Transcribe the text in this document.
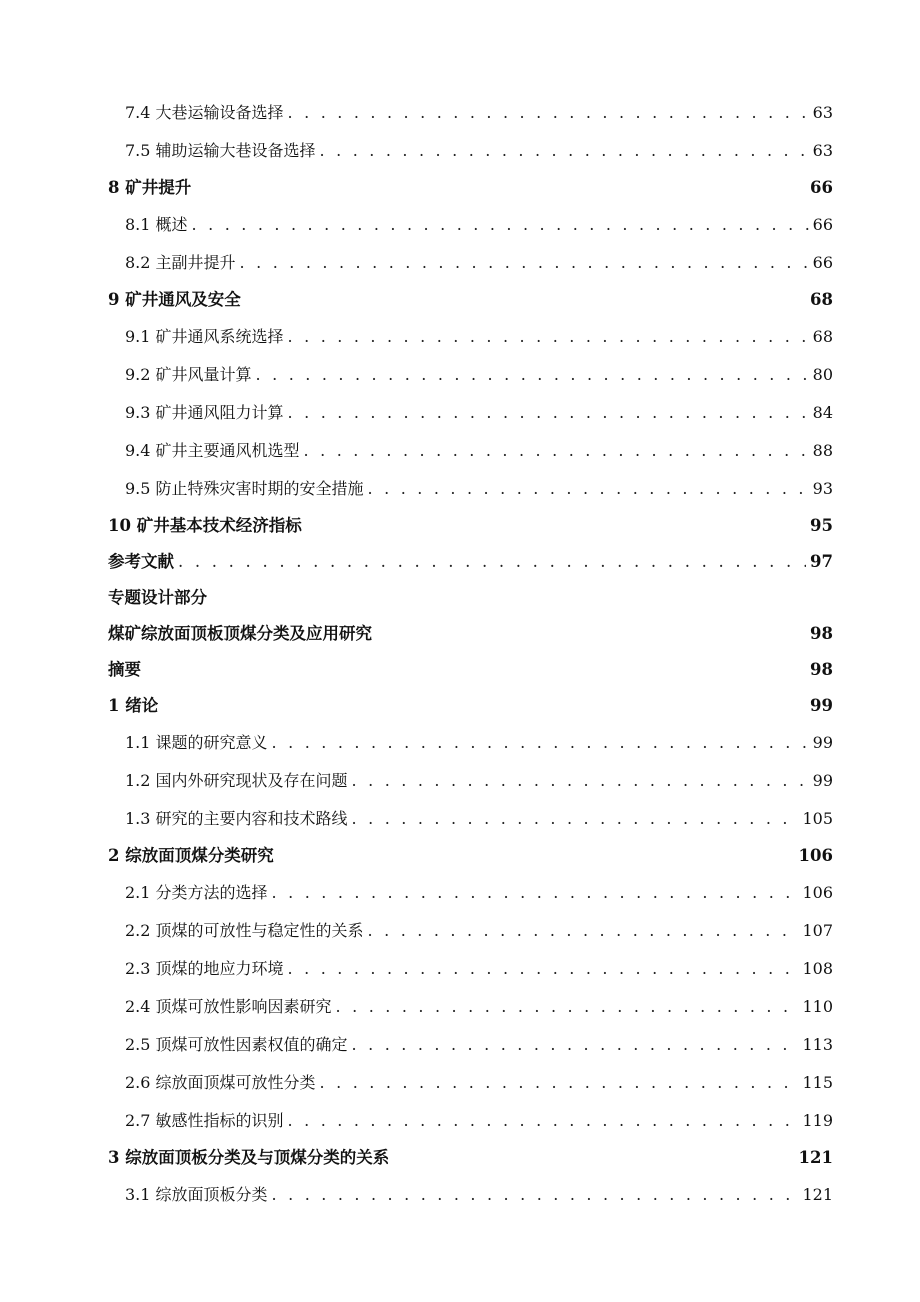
7.4 大巷运输设备选择 . . .	63
7.5 辅助运输大巷设备选择 . . .	63
8 矿井提升	66
8.1 概述 . . .	66
8.2 主副井提升 . . .	66
9 矿井通风及安全	68
9.1 矿井通风系统选择 . . .	68
9.2 矿井风量计算 . . .	80
9.3 矿井通风阻力计算 . . .	84
9.4 矿井主要通风机选型 . . .	88
9.5 防止特殊灾害时期的安全措施 . . .	93
10 矿井基本技术经济指标	95
参考文献 . . .	97
专题设计部分
煤矿综放面顶板顶煤分类及应用研究	98
摘要	98
1 绪论	99
1.1 课题的研究意义 . . .	99
1.2 国内外研究现状及存在问题 . . .	99
1.3 研究的主要内容和技术路线 . . .	105
2 综放面顶煤分类研究	106
2.1 分类方法的选择 . . .	106
2.2 顶煤的可放性与稳定性的关系 . . .	107
2.3 顶煤的地应力环境 . . .	108
2.4 顶煤可放性影响因素研究 . . .	110
2.5 顶煤可放性因素权值的确定 . . .	113
2.6 综放面顶煤可放性分类 . . .	115
2.7 敏感性指标的识别 . . .	119
3 综放面顶板分类及与顶煤分类的关系	121
3.1 综放面顶板分类 . . .	121
